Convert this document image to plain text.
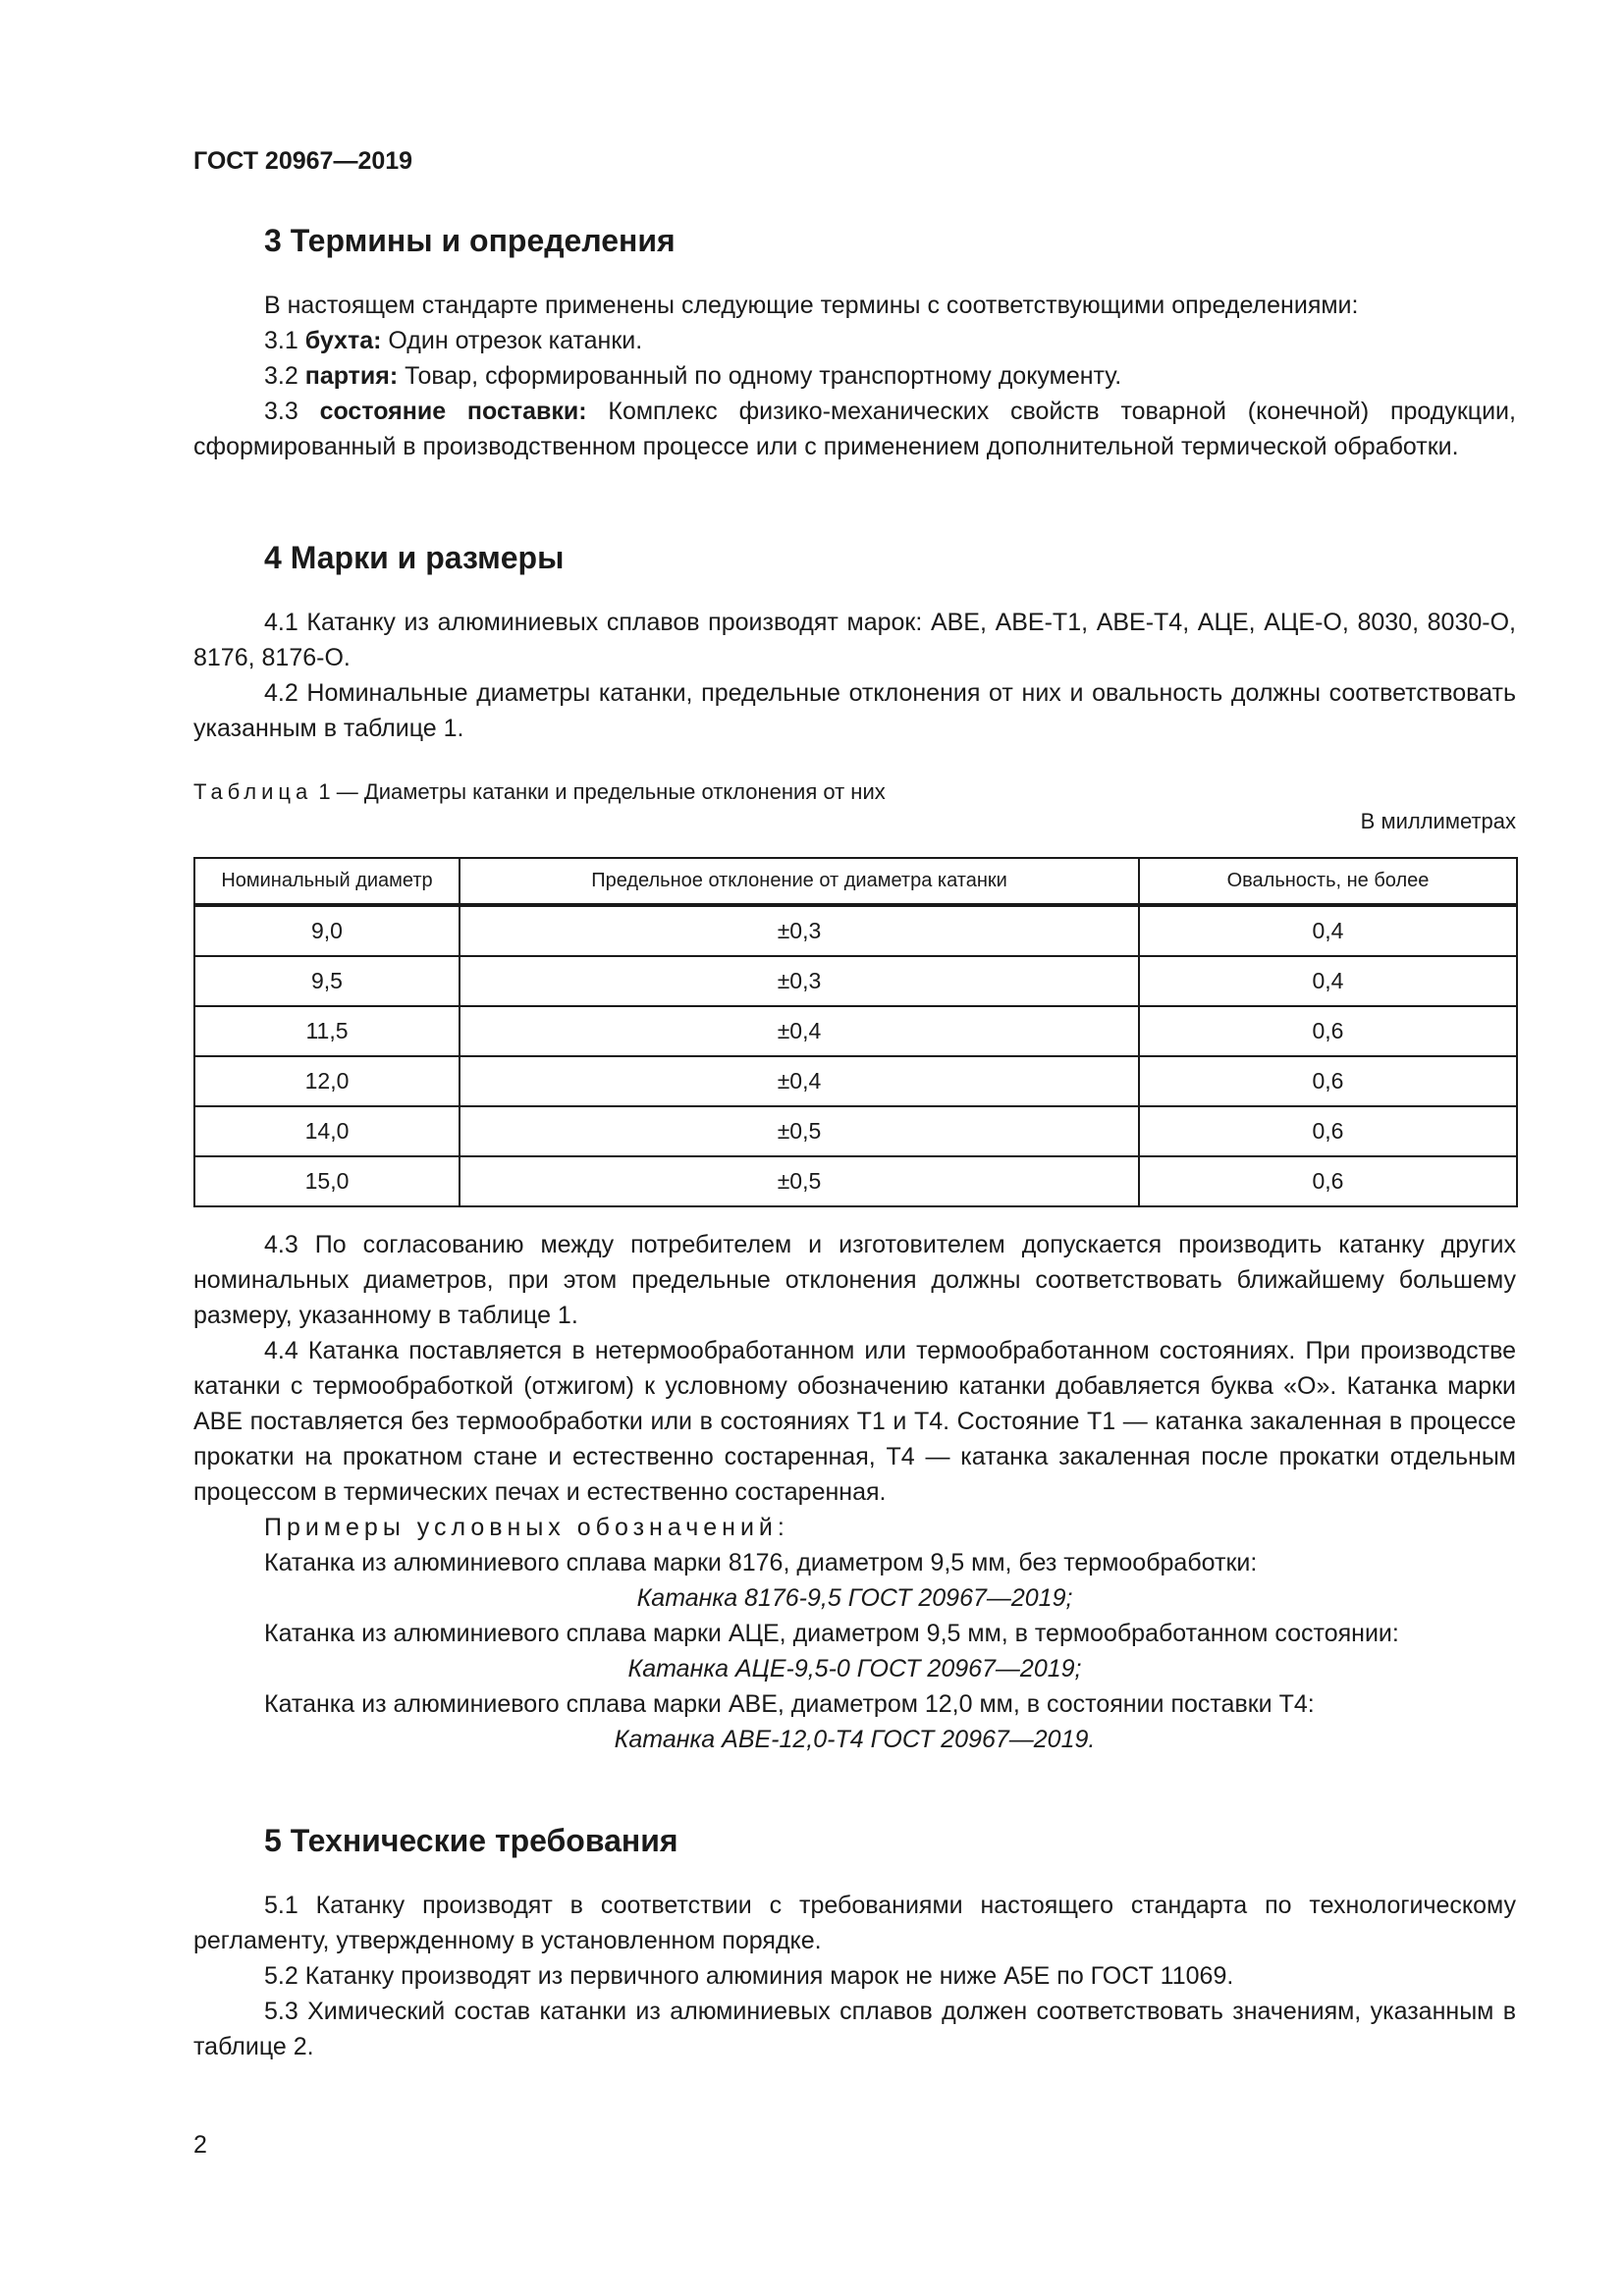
ГОСТ 20967—2019
3 Термины и определения

В настоящем стандарте применены следующие термины с соответствующими определениями:

3.1 бухта: Один отрезок катанки.

3.2 партия: Товар, сформированный по одному транспортному документу.

3.3 состояние поставки: Комплекс физико-механических свойств товарной (конечной) продукции, сформированный в производственном процессе или с применением дополнительной термической обработки.

4 Марки и размеры

4.1 Катанку из алюминиевых сплавов производят марок: АВЕ, АВЕ-Т1, АВЕ-Т4, АЦЕ, АЦЕ-О, 8030, 8030-О, 8176, 8176-О.

4.2 Номинальные диаметры катанки, предельные отклонения от них и овальность должны соответствовать указанным в таблице 1.

Таблица 1 — Диаметры катанки и предельные отклонения от них
В миллиметрах
Номинальный диаметр	Предельное отклонение от диаметра катанки	Овальность, не более
9,0	±0,3	0,4
9,5	±0,3	0,4
11,5	±0,4	0,6
12,0	±0,4	0,6
14,0	±0,5	0,6
15,0	±0,5	0,6

4.3 По согласованию между потребителем и изготовителем допускается производить катанку других номинальных диаметров, при этом предельные отклонения должны соответствовать ближайшему большему размеру, указанному в таблице 1.

4.4 Катанка поставляется в нетермообработанном или термообработанном состояниях. При производстве катанки с термообработкой (отжигом) к условному обозначению катанки добавляется буква «О». Катанка марки АВЕ поставляется без термообработки или в состояниях Т1 и Т4. Состояние Т1 — катанка закаленная в процессе прокатки на прокатном стане и естественно состаренная, Т4 — катанка закаленная после прокатки отдельным процессом в термических печах и естественно состаренная.

Примеры условных обозначений:

Катанка из алюминиевого сплава марки 8176, диаметром 9,5 мм, без термообработки:

Катанка 8176-9,5 ГОСТ 20967—2019;

Катанка из алюминиевого сплава марки АЦЕ, диаметром 9,5 мм, в термообработанном состоянии:

Катанка АЦЕ-9,5-0 ГОСТ 20967—2019;

Катанка из алюминиевого сплава марки АВЕ, диаметром 12,0 мм, в состоянии поставки Т4:

Катанка АВЕ-12,0-Т4 ГОСТ 20967—2019.

5 Технические требования

5.1 Катанку производят в соответствии с требованиями настоящего стандарта по технологическому регламенту, утвержденному в установленном порядке.

5.2 Катанку производят из первичного алюминия марок не ниже А5Е по ГОСТ 11069.

5.3 Химический состав катанки из алюминиевых сплавов должен соответствовать значениям, указанным в таблице 2.

2
